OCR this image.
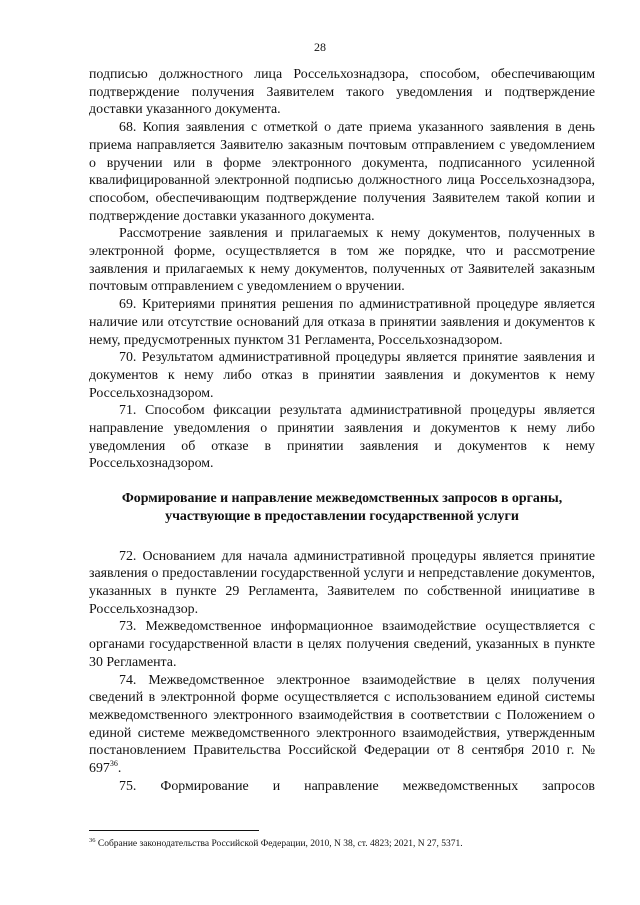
28

подписью должностного лица Россельхознадзора, способом, обеспечивающим подтверждение получения Заявителем такого уведомления и подтверждение доставки указанного документа.

68. Копия заявления с отметкой о дате приема указанного заявления в день приема направляется Заявителю заказным почтовым отправлением с уведомлением о вручении или в форме электронного документа, подписанного усиленной квалифицированной электронной подписью должностного лица Россельхознадзора, способом, обеспечивающим подтверждение получения Заявителем такой копии и подтверждение доставки указанного документа.

Рассмотрение заявления и прилагаемых к нему документов, полученных в электронной форме, осуществляется в том же порядке, что и рассмотрение заявления и прилагаемых к нему документов, полученных от Заявителей заказным почтовым отправлением с уведомлением о вручении.

69. Критериями принятия решения по административной процедуре является наличие или отсутствие оснований для отказа в принятии заявления и документов к нему, предусмотренных пунктом 31 Регламента, Россельхознадзором.

70. Результатом административной процедуры является принятие заявления и документов к нему либо отказ в принятии заявления и документов к нему Россельхознадзором.

71. Способом фиксации результата административной процедуры является направление уведомления о принятии заявления и документов к нему либо уведомления об отказе в принятии заявления и документов к нему Россельхознадзором.

Формирование и направление межведомственных запросов в органы,
участвующие в предоставлении государственной услуги

72. Основанием для начала административной процедуры является принятие заявления о предоставлении государственной услуги и непредставление документов, указанных в пункте 29 Регламента, Заявителем по собственной инициативе в Россельхознадзор.

73. Межведомственное информационное взаимодействие осуществляется с органами государственной власти в целях получения сведений, указанных в пункте 30 Регламента.

74. Межведомственное электронное взаимодействие в целях получения сведений в электронной форме осуществляется с использованием единой системы межведомственного электронного взаимодействия в соответствии с Положением о единой системе межведомственного электронного взаимодействия, утвержденным постановлением Правительства Российской Федерации от 8 сентября 2010 г. № $697^{36}$.

75. Формирование и направление межведомственных запросов

$^{36}$ Собрание законодательства Российской Федерации, 2010, N 38, ст. 4823; 2021, N 27, 5371.
